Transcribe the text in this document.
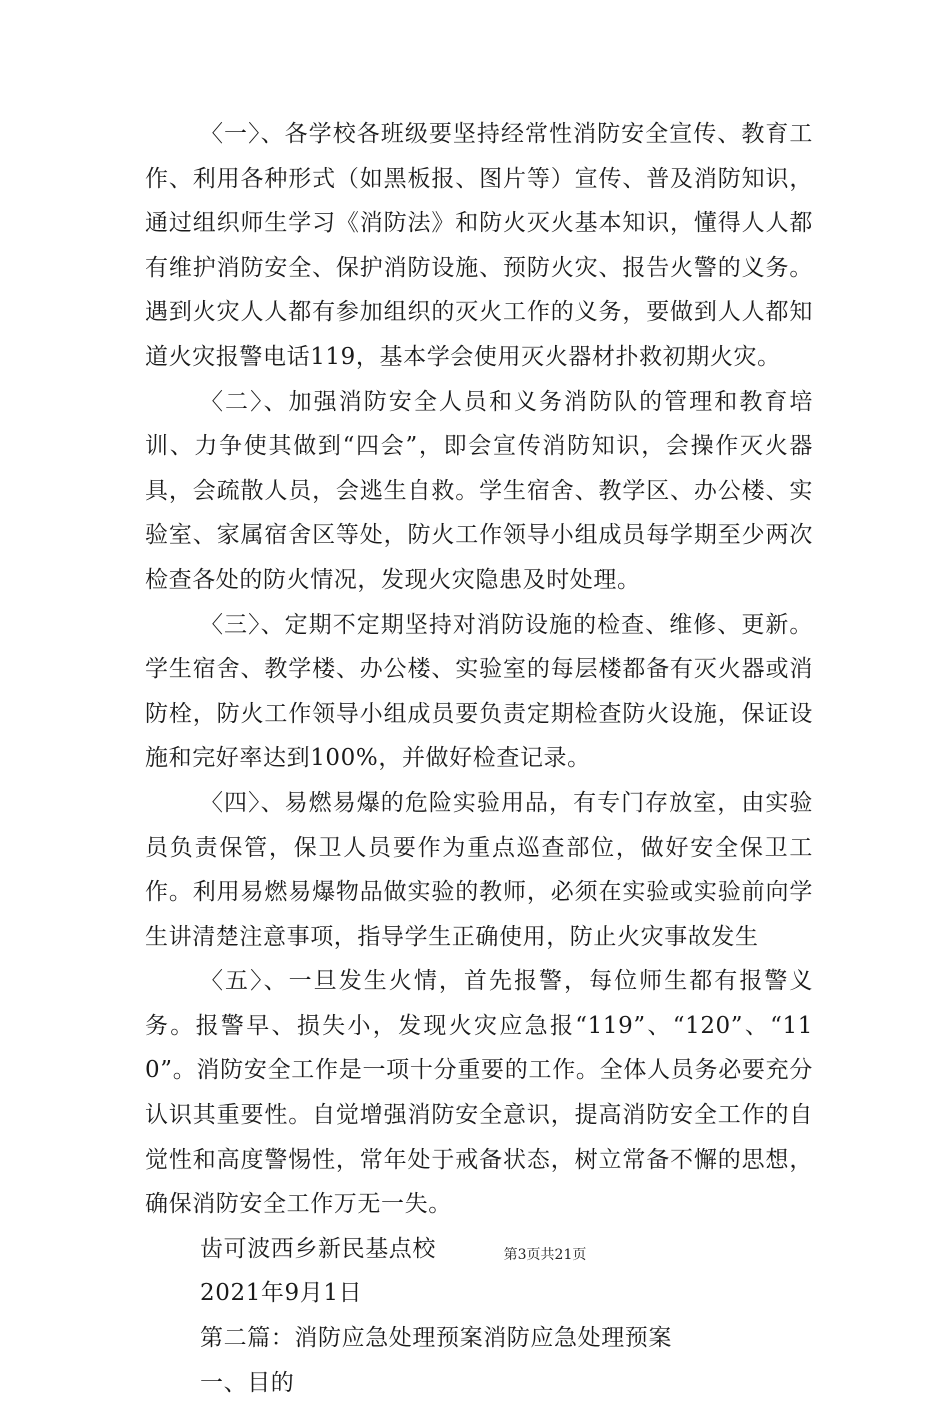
〈一〉、各学校各班级要坚持经常性消防安全宣传、教育工作、利用各种形式（如黑板报、图片等）宣传、普及消防知识，通过组织师生学习《消防法》和防火灭火基本知识，懂得人人都有维护消防安全、保护消防设施、预防火灾、报告火警的义务。遇到火灾人人都有参加组织的灭火工作的义务，要做到人人都知道火灾报警电话119，基本学会使用灭火器材扑救初期火灾。

〈二〉、加强消防安全人员和义务消防队的管理和教育培训、力争使其做到“四会”，即会宣传消防知识，会操作灭火器具，会疏散人员，会逃生自救。学生宿舍、教学区、办公楼、实验室、家属宿舍区等处，防火工作领导小组成员每学期至少两次检查各处的防火情况，发现火灾隐患及时处理。

〈三〉、定期不定期坚持对消防设施的检查、维修、更新。学生宿舍、教学楼、办公楼、实验室的每层楼都备有灭火器或消防栓，防火工作领导小组成员要负责定期检查防火设施，保证设施和完好率达到100%，并做好检查记录。

〈四〉、易燃易爆的危险实验用品，有专门存放室，由实验员负责保管，保卫人员要作为重点巡查部位，做好安全保卫工作。利用易燃易爆物品做实验的教师，必须在实验或实验前向学生讲清楚注意事项，指导学生正确使用，防止火灾事故发生

〈五〉、一旦发生火情，首先报警，每位师生都有报警义务。报警早、损失小，发现火灾应急报“119”、“120”、“110”。消防安全工作是一项十分重要的工作。全体人员务必要充分认识其重要性。自觉增强消防安全意识，提高消防安全工作的自觉性和高度警惕性，常年处于戒备状态，树立常备不懈的思想，确保消防安全工作万无一失。

齿可波西乡新民基点校

2021年9月1日

第二篇：消防应急处理预案消防应急处理预案

一、目的

第3页共21页
